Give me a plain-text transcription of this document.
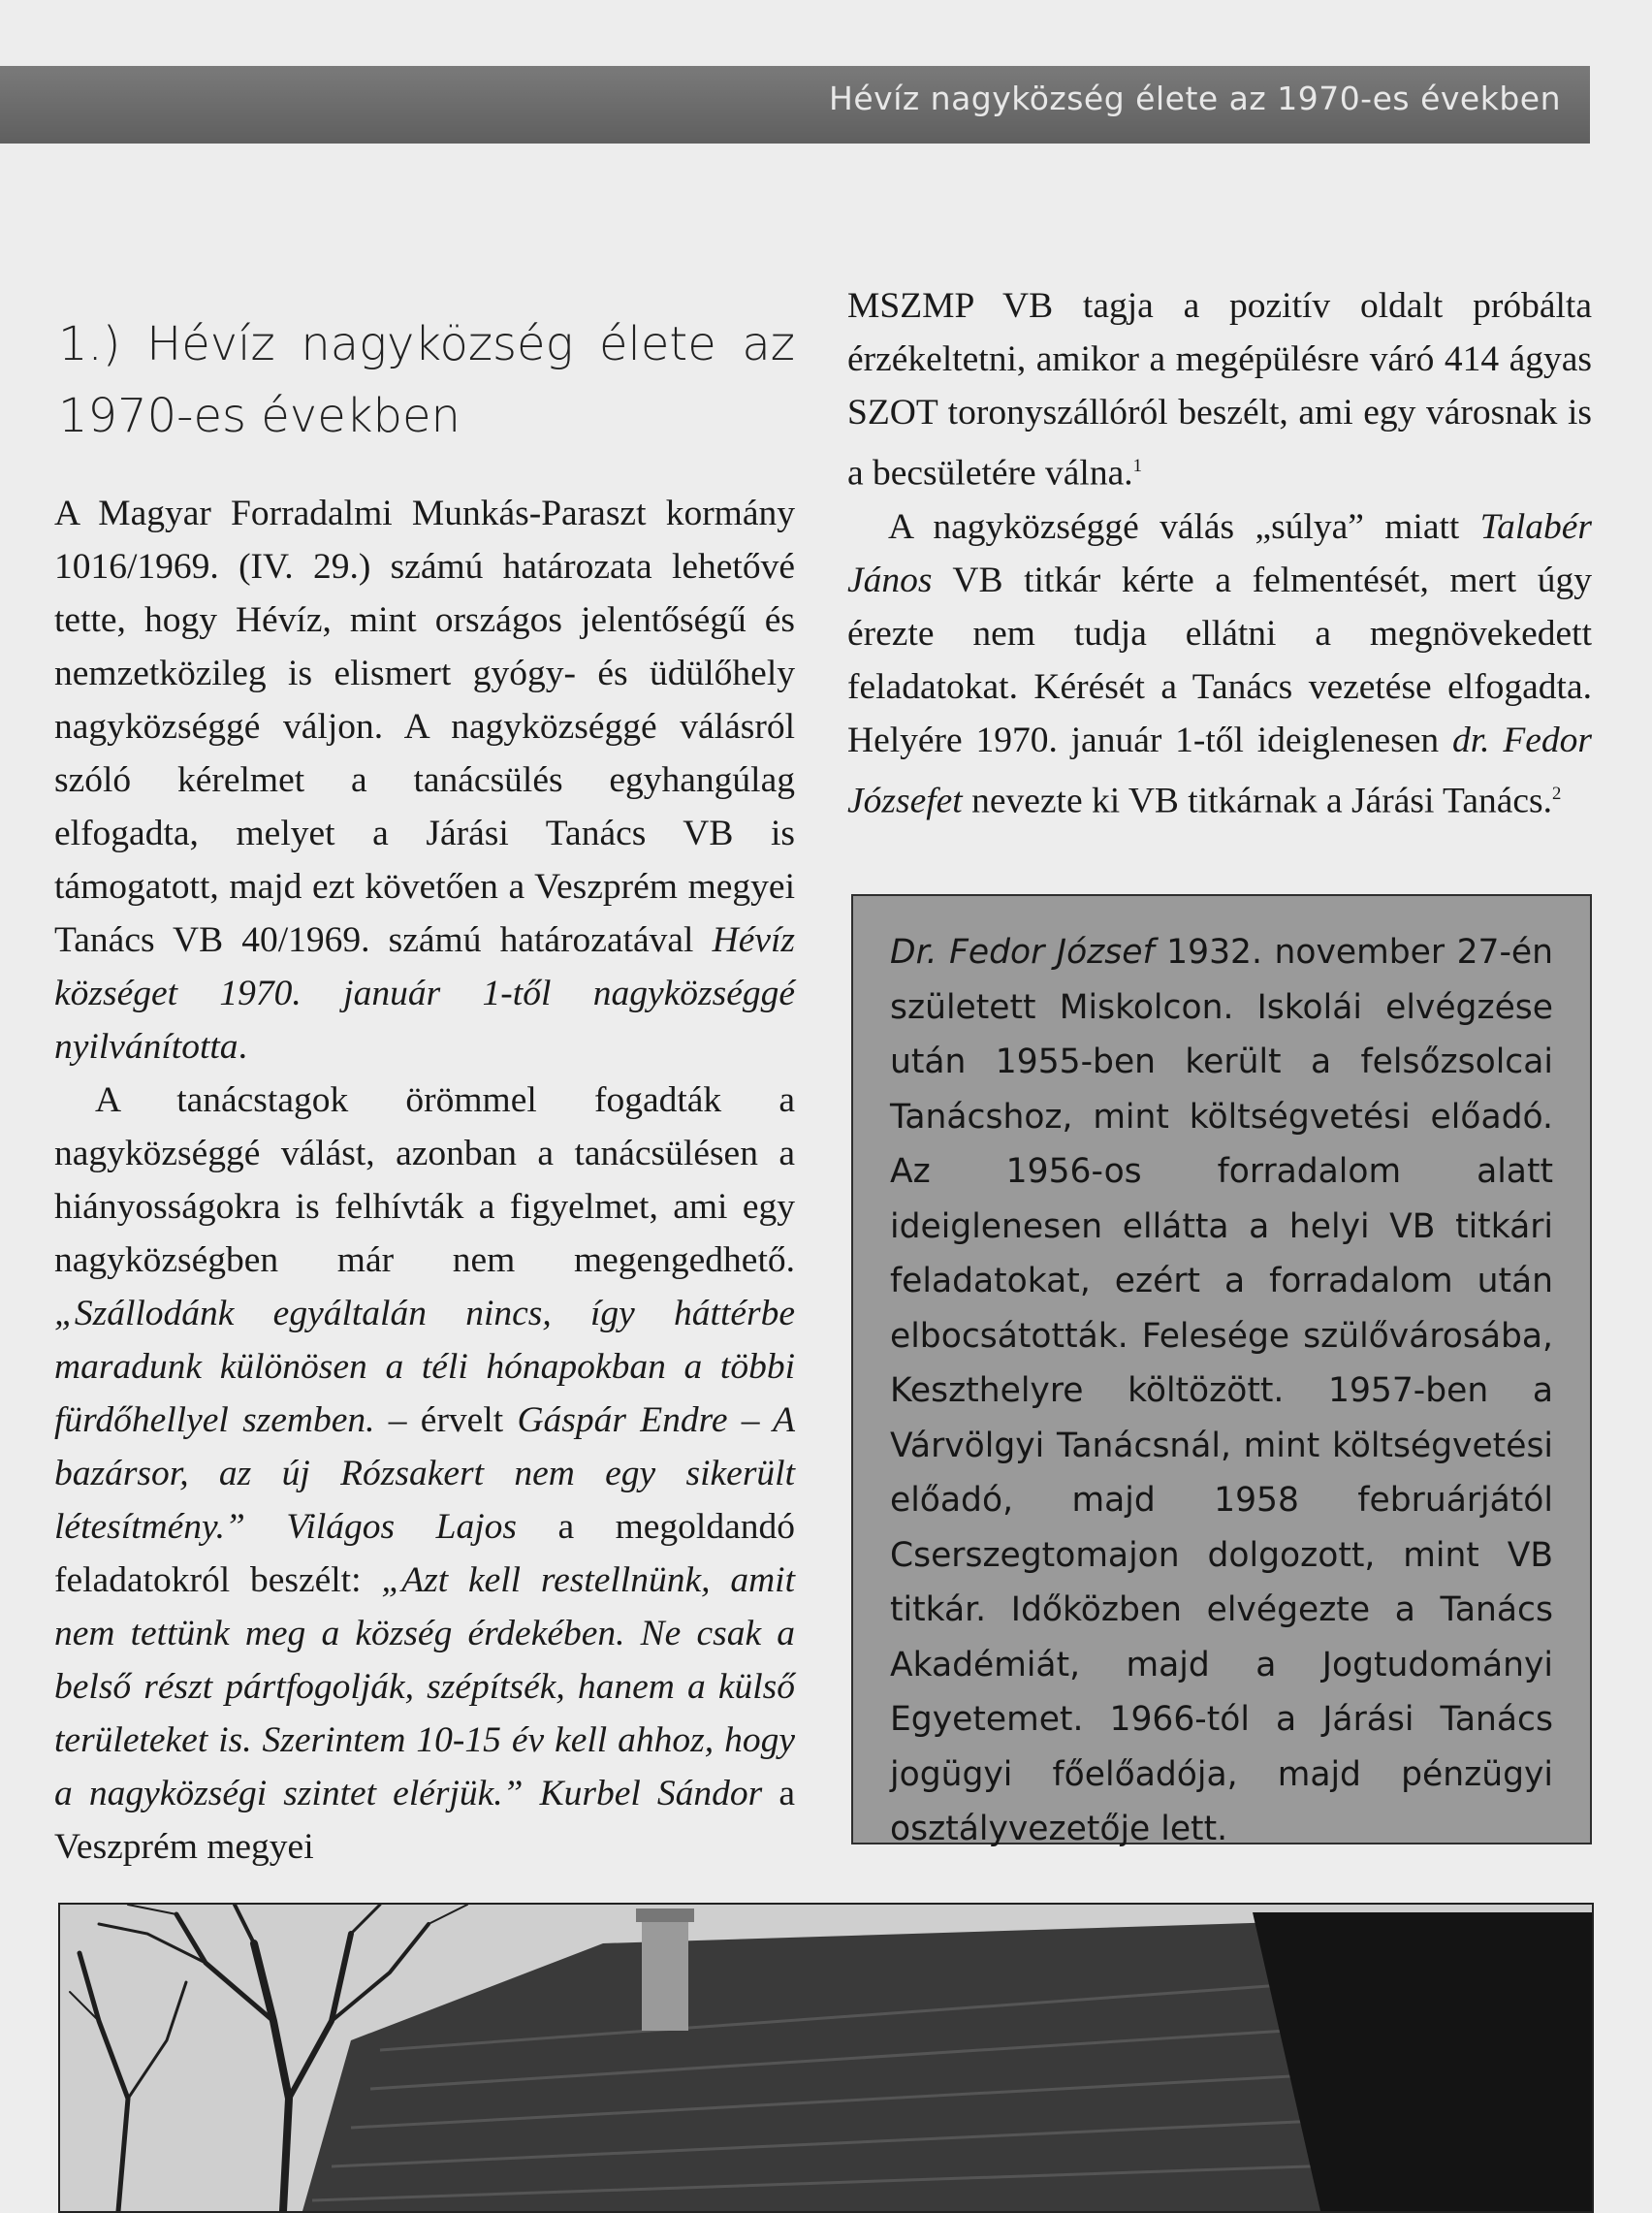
Hévíz nagyközség élete az 1970-es években
1.) Hévíz nagyközség élete az 1970-es években

A Magyar Forradalmi Munkás-Paraszt kormány 1016/1969. (IV. 29.) számú határozata lehetővé tette, hogy Hévíz, mint országos jelentőségű és nemzetközileg is elismert gyógy- és üdülőhely nagyközséggé váljon. A nagyközséggé válásról szóló kérelmet a tanácsülés egyhangúlag elfogadta, melyet a Járási Tanács VB is támogatott, majd ezt követően a Veszprém megyei Tanács VB 40/1969. számú határozatával Hévíz községet 1970. január 1-től nagyközséggé nyilvánította.

A tanácstagok örömmel fogadták a nagyközséggé válást, azonban a tanácsülésen a hiányosságokra is felhívták a figyelmet, ami egy nagyközségben már nem megengedhető. „Szállodánk egyáltalán nincs, így háttérbe maradunk különösen a téli hónapokban a többi fürdőhellyel szemben. – érvelt Gáspár Endre – A bazársor, az új Rózsakert nem egy sikerült létesítmény.” Világos Lajos a megoldandó feladatokról beszélt: „Azt kell restellnünk, amit nem tettünk meg a község érdekében. Ne csak a belső részt pártfogolják, szépítsék, hanem a külső területeket is. Szerintem 10-15 év kell ahhoz, hogy a nagyközségi szintet elérjük.” Kurbel Sándor a Veszprém megyei

MSZMP VB tagja a pozitív oldalt próbálta érzékeltetni, amikor a megépülésre váró 414 ágyas SZOT toronyszállóról beszélt, ami egy városnak is a becsületére válna.$^1$

A nagyközséggé válás „súlya” miatt Talabér János VB titkár kérte a felmentését, mert úgy érezte nem tudja ellátni a megnövekedett feladatokat. Kérését a Tanács vezetése elfogadta. Helyére 1970. január 1-től ideiglenesen dr. Fedor Józsefet nevezte ki VB titkárnak a Járási Tanács.$^2$

Dr. Fedor József 1932. november 27-én született Miskolcon. Iskolái elvégzése után 1955-ben került a felsőzsolcai Tanácshoz, mint költségvetési előadó. Az 1956-os forradalom alatt ideiglenesen ellátta a helyi VB titkári feladatokat, ezért a forradalom után elbocsátották. Felesége szülővárosába, Keszthelyre költözött. 1957-ben a Várvölgyi Tanácsnál, mint költségvetési előadó, majd 1958 februárjától Cserszegtomajon dolgozott, mint VB titkár. Időközben elvégezte a Tanács Akadémiát, majd a Jogtudományi Egyetemet. 1966-tól a Járási Tanács jogügyi főelőadója, majd pénzügyi osztályvezetője lett.
